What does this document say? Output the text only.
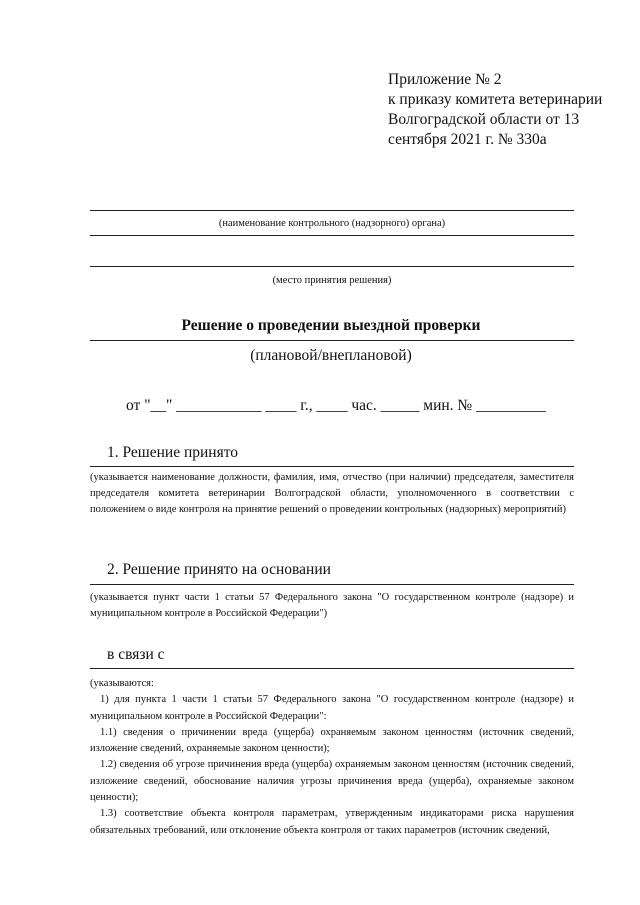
Приложение № 2
к приказу комитета ветеринарии
Волгоградской области от 13
сентября 2021 г. № 330а
(наименование контрольного (надзорного) органа)
(место принятия решения)
Решение о проведении выездной проверки
(плановой/внеплановой)
от "__" ___________ ____ г., ____ час. _____ мин. № _________
1. Решение принято
(указывается наименование должности, фамилия, имя, отчество (при наличии) председателя, заместителя председателя комитета ветеринарии Волгоградской области, уполномоченного в соответствии с положением о виде контроля на принятие решений о проведении контрольных (надзорных) мероприятий)
2. Решение принято на основании
(указывается пункт части 1 статьи 57 Федерального закона "О государственном контроле (надзоре) и муниципальном контроле в Российской Федерации")
в связи с

(указываются:

1) для пункта 1 части 1 статьи 57 Федерального закона "О государственном контроле (надзоре) и муниципальном контроле в Российской Федерации":

1.1) сведения о причинении вреда (ущерба) охраняемым законом ценностям (источник сведений, изложение сведений, охраняемые законом ценности);

1.2) сведения об угрозе причинения вреда (ущерба) охраняемым законом ценностям (источник сведений, изложение сведений, обоснование наличия угрозы причинения вреда (ущерба), охраняемые законом ценности);

1.3) соответствие объекта контроля параметрам, утвержденным индикаторами риска нарушения обязательных требований, или отклонение объекта контроля от таких параметров (источник сведений,
